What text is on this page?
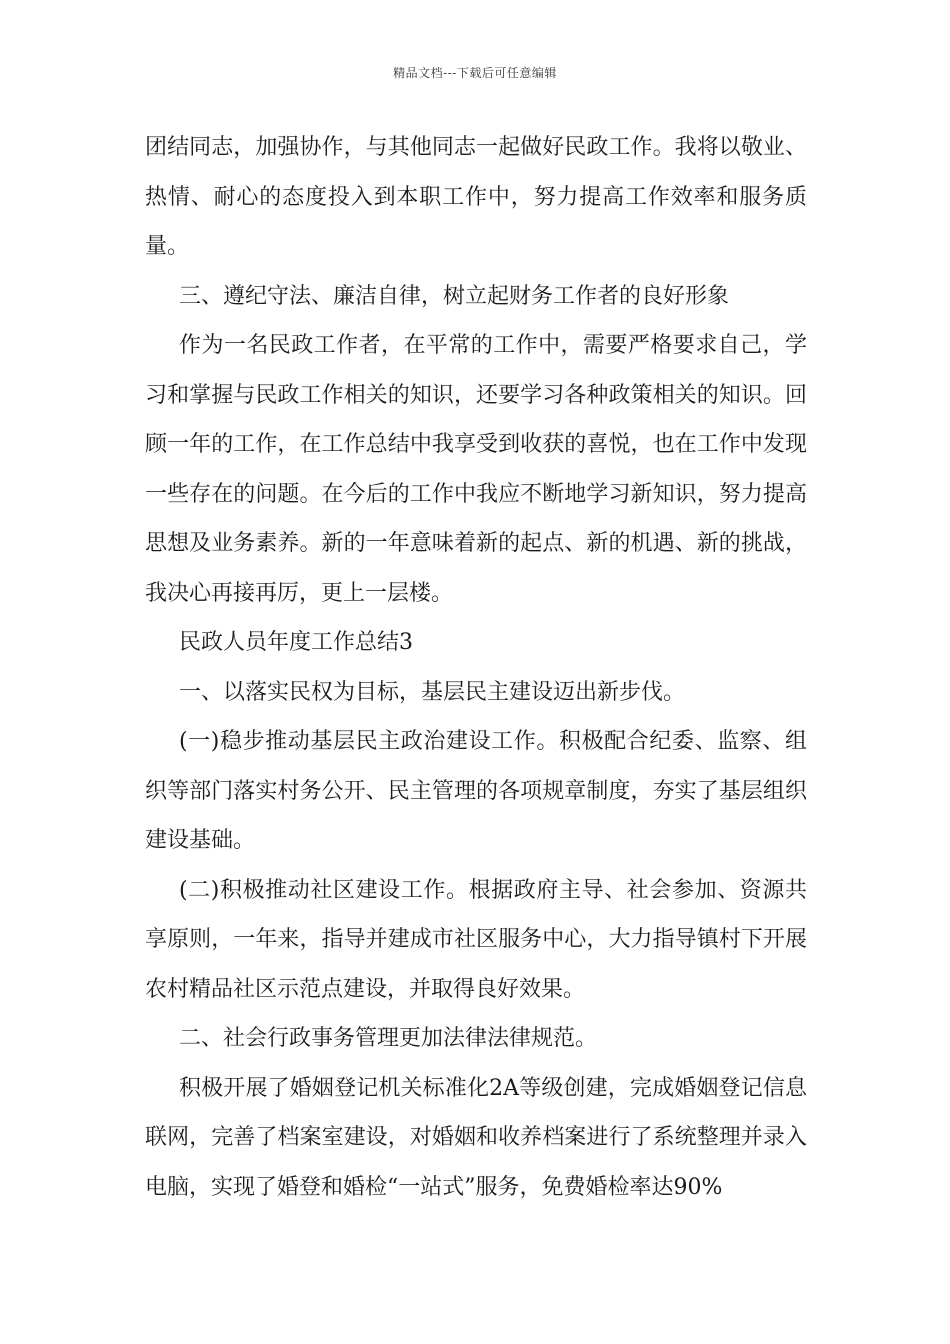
精品文档---下载后可任意编辑

团结同志，加强协作，与其他同志一起做好民政工作。我将以敬业、热情、耐心的态度投入到本职工作中，努力提高工作效率和服务质量。

三、遵纪守法、廉洁自律，树立起财务工作者的良好形象

作为一名民政工作者，在平常的工作中，需要严格要求自己，学习和掌握与民政工作相关的知识，还要学习各种政策相关的知识。回顾一年的工作，在工作总结中我享受到收获的喜悦，也在工作中发现一些存在的问题。在今后的工作中我应不断地学习新知识，努力提高思想及业务素养。新的一年意味着新的起点、新的机遇、新的挑战，我决心再接再厉，更上一层楼。

民政人员年度工作总结3

一、以落实民权为目标，基层民主建设迈出新步伐。

(一)稳步推动基层民主政治建设工作。积极配合纪委、监察、组织等部门落实村务公开、民主管理的各项规章制度，夯实了基层组织建设基础。

(二)积极推动社区建设工作。根据政府主导、社会参加、资源共享原则，一年来，指导并建成市社区服务中心，大力指导镇村下开展农村精品社区示范点建设，并取得良好效果。

二、社会行政事务管理更加法律法律规范。

积极开展了婚姻登记机关标准化2A等级创建，完成婚姻登记信息联网，完善了档案室建设，对婚姻和收养档案进行了系统整理并录入电脑，实现了婚登和婚检“一站式”服务，免费婚检率达90%
